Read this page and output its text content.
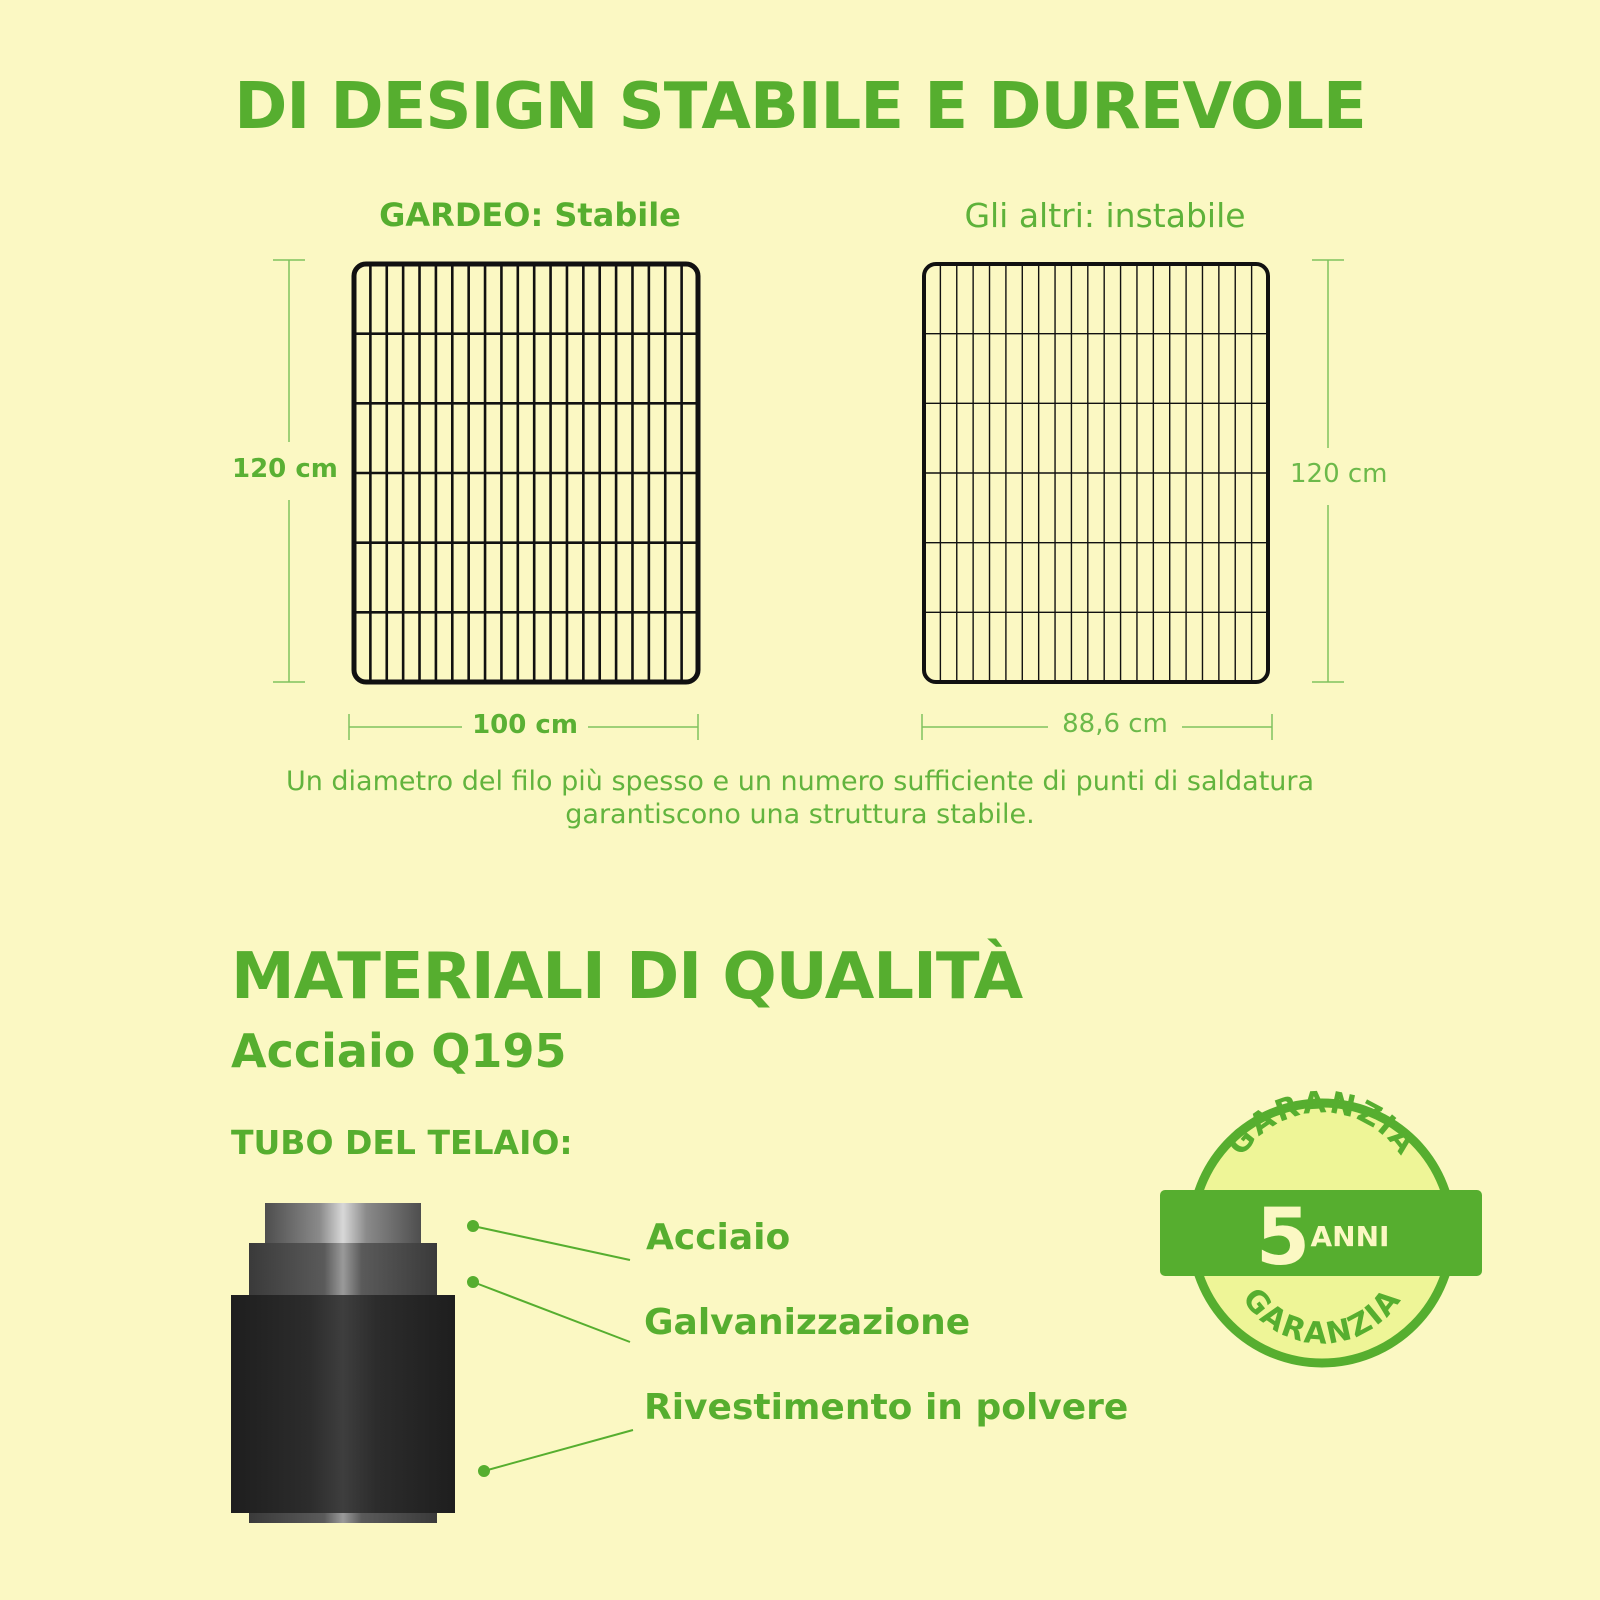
DI DESIGN STABILE E DUREVOLE
GARDEO: Stabile	Gli altri: instabile
120 cm
100 cm
120 cm
88,6 cm
Un diametro del filo più spesso e un numero sufficiente di punti di saldatura
garantiscono una struttura stabile.
MATERIALI DI QUALITÀ
Acciaio Q195
TUBO DEL TELAIO:
Acciaio
Galvanizzazione
Rivestimento in polvere
GARANZIA
GARANZIA
5 ANNI
